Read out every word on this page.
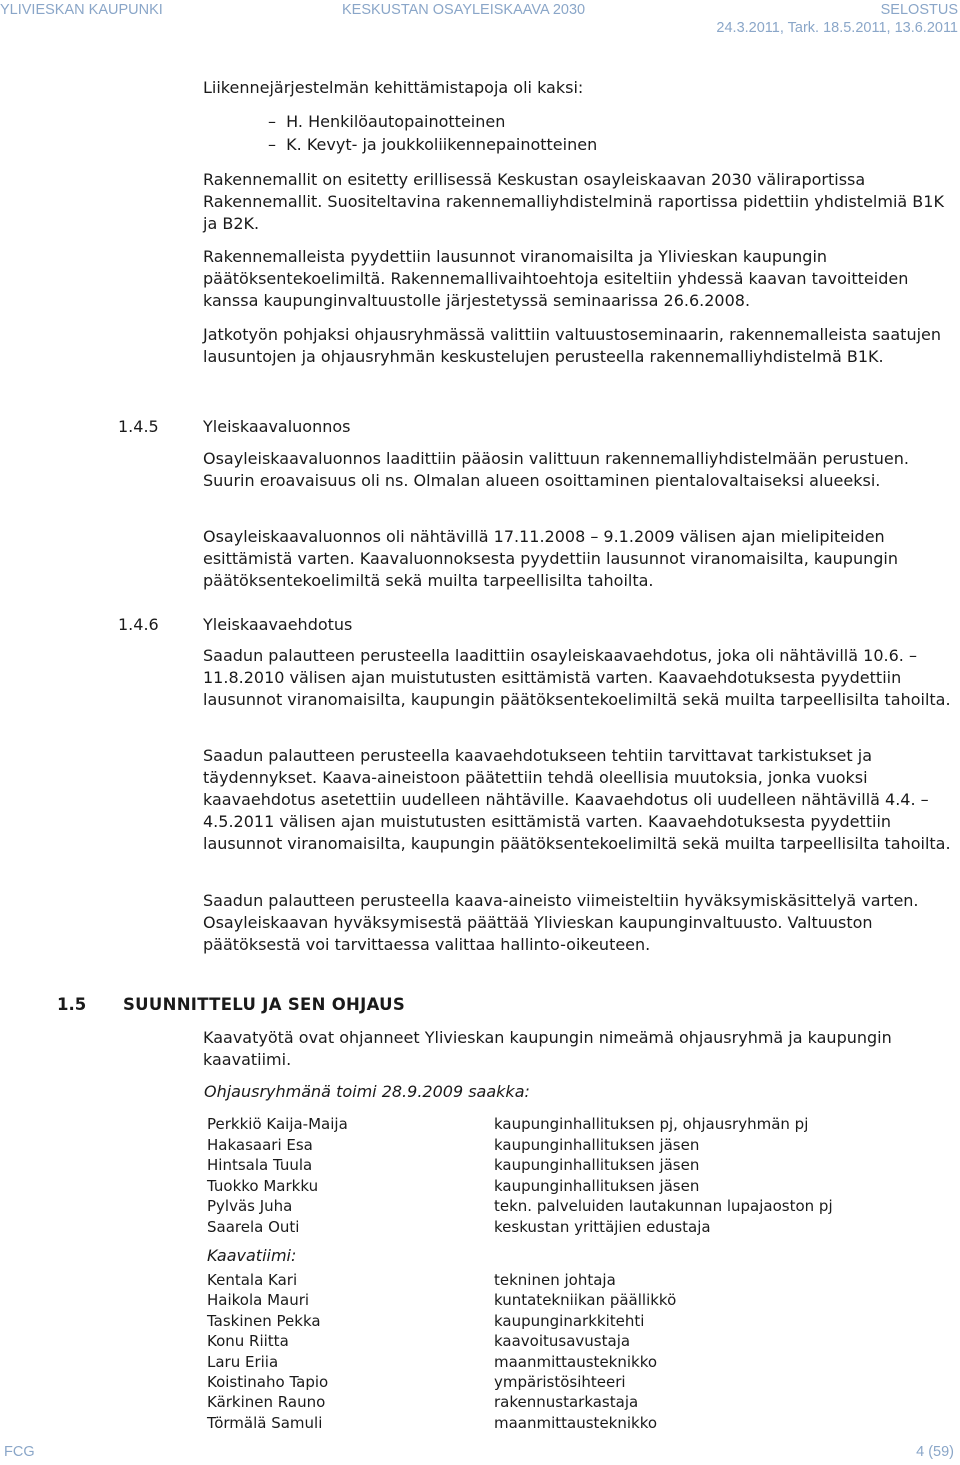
YLIVIESKAN KAUPUNKI	KESKUSTAN OSAYLEISKAAVA 2030	SELOSTUS
24.3.2011, Tark. 18.5.2011, 13.6.2011

Liikennejärjestelmän kehittämistapoja oli kaksi:

– H. Henkilöautopainotteinen
– K. Kevyt- ja joukkoliikennepainotteinen

Rakennemallit on esitetty erillisessä Keskustan osayleiskaavan 2030 väliraportissa Rakennemallit. Suositeltavina rakennemalliyhdistelminä raportissa pidettiin yhdistelmiä B1K ja B2K.

Rakennemalleista pyydettiin lausunnot viranomaisilta ja Ylivieskan kaupungin päätöksentekoelimiltä. Rakennemallivaihtoehtoja esiteltiin yhdessä kaavan tavoitteiden kanssa kaupunginvaltuustolle järjestetyssä seminaarissa 26.6.2008.

Jatkotyön pohjaksi ohjausryhmässä valittiin valtuustoseminaarin, rakennemalleista saatujen lausuntojen ja ohjausryhmän keskustelujen perusteella rakennemalliyhdistelmä B1K.

1.4.5	Yleiskaavaluonnos

Osayleiskaavaluonnos laadittiin pääosin valittuun rakennemalliyhdistelmään perustuen. Suurin eroavaisuus oli ns. Olmalan alueen osoittaminen pientalovaltaiseksi alueeksi.

Osayleiskaavaluonnos oli nähtävillä 17.11.2008 – 9.1.2009 välisen ajan mielipiteiden esittämistä varten. Kaavaluonnoksesta pyydettiin lausunnot viranomaisilta, kaupungin päätöksentekoelimiltä sekä muilta tarpeellisilta tahoilta.

1.4.6	Yleiskaavaehdotus

Saadun palautteen perusteella laadittiin osayleiskaavaehdotus, joka oli nähtävillä 10.6. – 11.8.2010 välisen ajan muistutusten esittämistä varten. Kaavaehdotuksesta pyydettiin lausunnot viranomaisilta, kaupungin päätöksentekoelimiltä sekä muilta tarpeellisilta tahoilta.

Saadun palautteen perusteella kaavaehdotukseen tehtiin tarvittavat tarkistukset ja täydennykset. Kaava-aineistoon päätettiin tehdä oleellisia muutoksia, jonka vuoksi kaavaehdotus asetettiin uudelleen nähtäville. Kaavaehdotus oli uudelleen nähtävillä 4.4. – 4.5.2011 välisen ajan muistutusten esittämistä varten. Kaavaehdotuksesta pyydettiin lausunnot viranomaisilta, kaupungin päätöksentekoelimiltä sekä muilta tarpeellisilta tahoilta.

Saadun palautteen perusteella kaava-aineisto viimeisteltiin hyväksymiskäsittelyä varten. Osayleiskaavan hyväksymisestä päättää Ylivieskan kaupunginvaltuusto. Valtuuston päätöksestä voi tarvittaessa valittaa hallinto-oikeuteen.

1.5 SUUNNITTELU JA SEN OHJAUS

Kaavatyötä ovat ohjanneet Ylivieskan kaupungin nimeämä ohjausryhmä ja kaupungin kaavatiimi.

Ohjausryhmänä toimi 28.9.2009 saakka:

Perkkiö Kaija-Maija	kaupunginhallituksen pj, ohjausryhmän pj
Hakasaari Esa	kaupunginhallituksen jäsen
Hintsala Tuula	kaupunginhallituksen jäsen
Tuokko Markku	kaupunginhallituksen jäsen
Pylväs Juha	tekn. palveluiden lautakunnan lupajaoston pj
Saarela Outi	keskustan yrittäjien edustaja

Kaavatiimi:

Kentala Kari	tekninen johtaja
Haikola Mauri	kuntatekniikan päällikkö
Taskinen Pekka	kaupunginarkkitehti
Konu Riitta	kaavoitusavustaja
Laru Eriia	maanmittausteknikko
Koistinaho Tapio	ympäristösihteeri
Kärkinen Rauno	rakennustarkastaja
Törmälä Samuli	maanmittausteknikko
FCG	4 (59)
